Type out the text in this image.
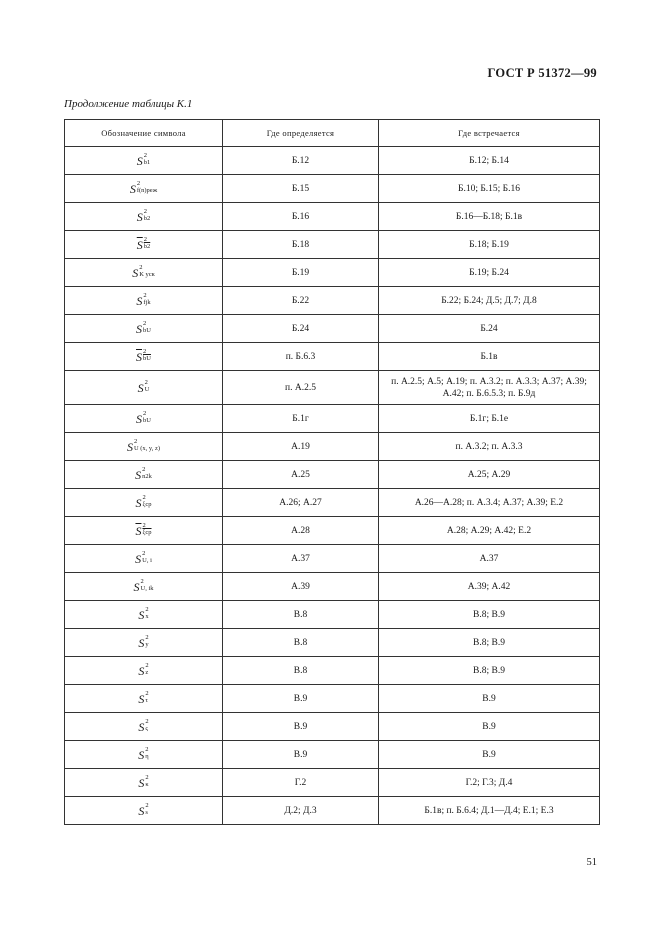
ГОСТ Р 51372—99
Продолжение таблицы К.1
Обозначение символа	Где определяется	Где встречается

S 2
b1	Б.12	Б.12; Б.14

S 2
f(n)реж	Б.15	Б.10; Б.15; Б.16

S 2
b2	Б.16	Б.16—Б.18; Б.1в

$\overline{S}$ 2
b2	Б.18	Б.18; Б.19

S 2
K уск	Б.19	Б.19; Б.24

S 2
fjk	Б.22	Б.22; Б.24; Д.5; Д.7; Д.8

S 2
bU	Б.24	Б.24

$\overline{S}$ 2
$\overline{bU}$	п. Б.6.3	Б.1в

S 2
U	п. А.2.5	п. А.2.5; А.5; А.19; п. А.3.2; п. А.3.3; А.37; А.39; А.42; п. Б.6.5.3; п. Б.9д

S 2
bU	Б.1г	Б.1г; Б.1е

S 2
U (x, y, z)	А.19	п. А.3.2; п. А.3.3

S 2
n2k	А.25	А.25; А.29

S 2
ξср	А.26; А.27	А.26—А.28; п. А.3.4; А.37; А.39; Е.2

$\overline{S}$ 2
ξср	А.28	А.28; А.29; А.42; Е.2

S 2
U, i	А.37	А.37

S 2
U, ik	А.39	А.39; А.42

S 2
x	В.8	В.8; В.9

S 2
y	В.8	В.8; В.9

S 2
z	В.8	В.8; В.9

S 2
τ	В.9	В.9

S 2
ς	В.9	В.9

S 2
η	В.9	В.9

S 2
κ	Г.2	Г.2; Г.3; Д.4

S 2
s	Д.2; Д.3	Б.1в; п. Б.6.4; Д.1—Д.4; Е.1; Е.3
51
